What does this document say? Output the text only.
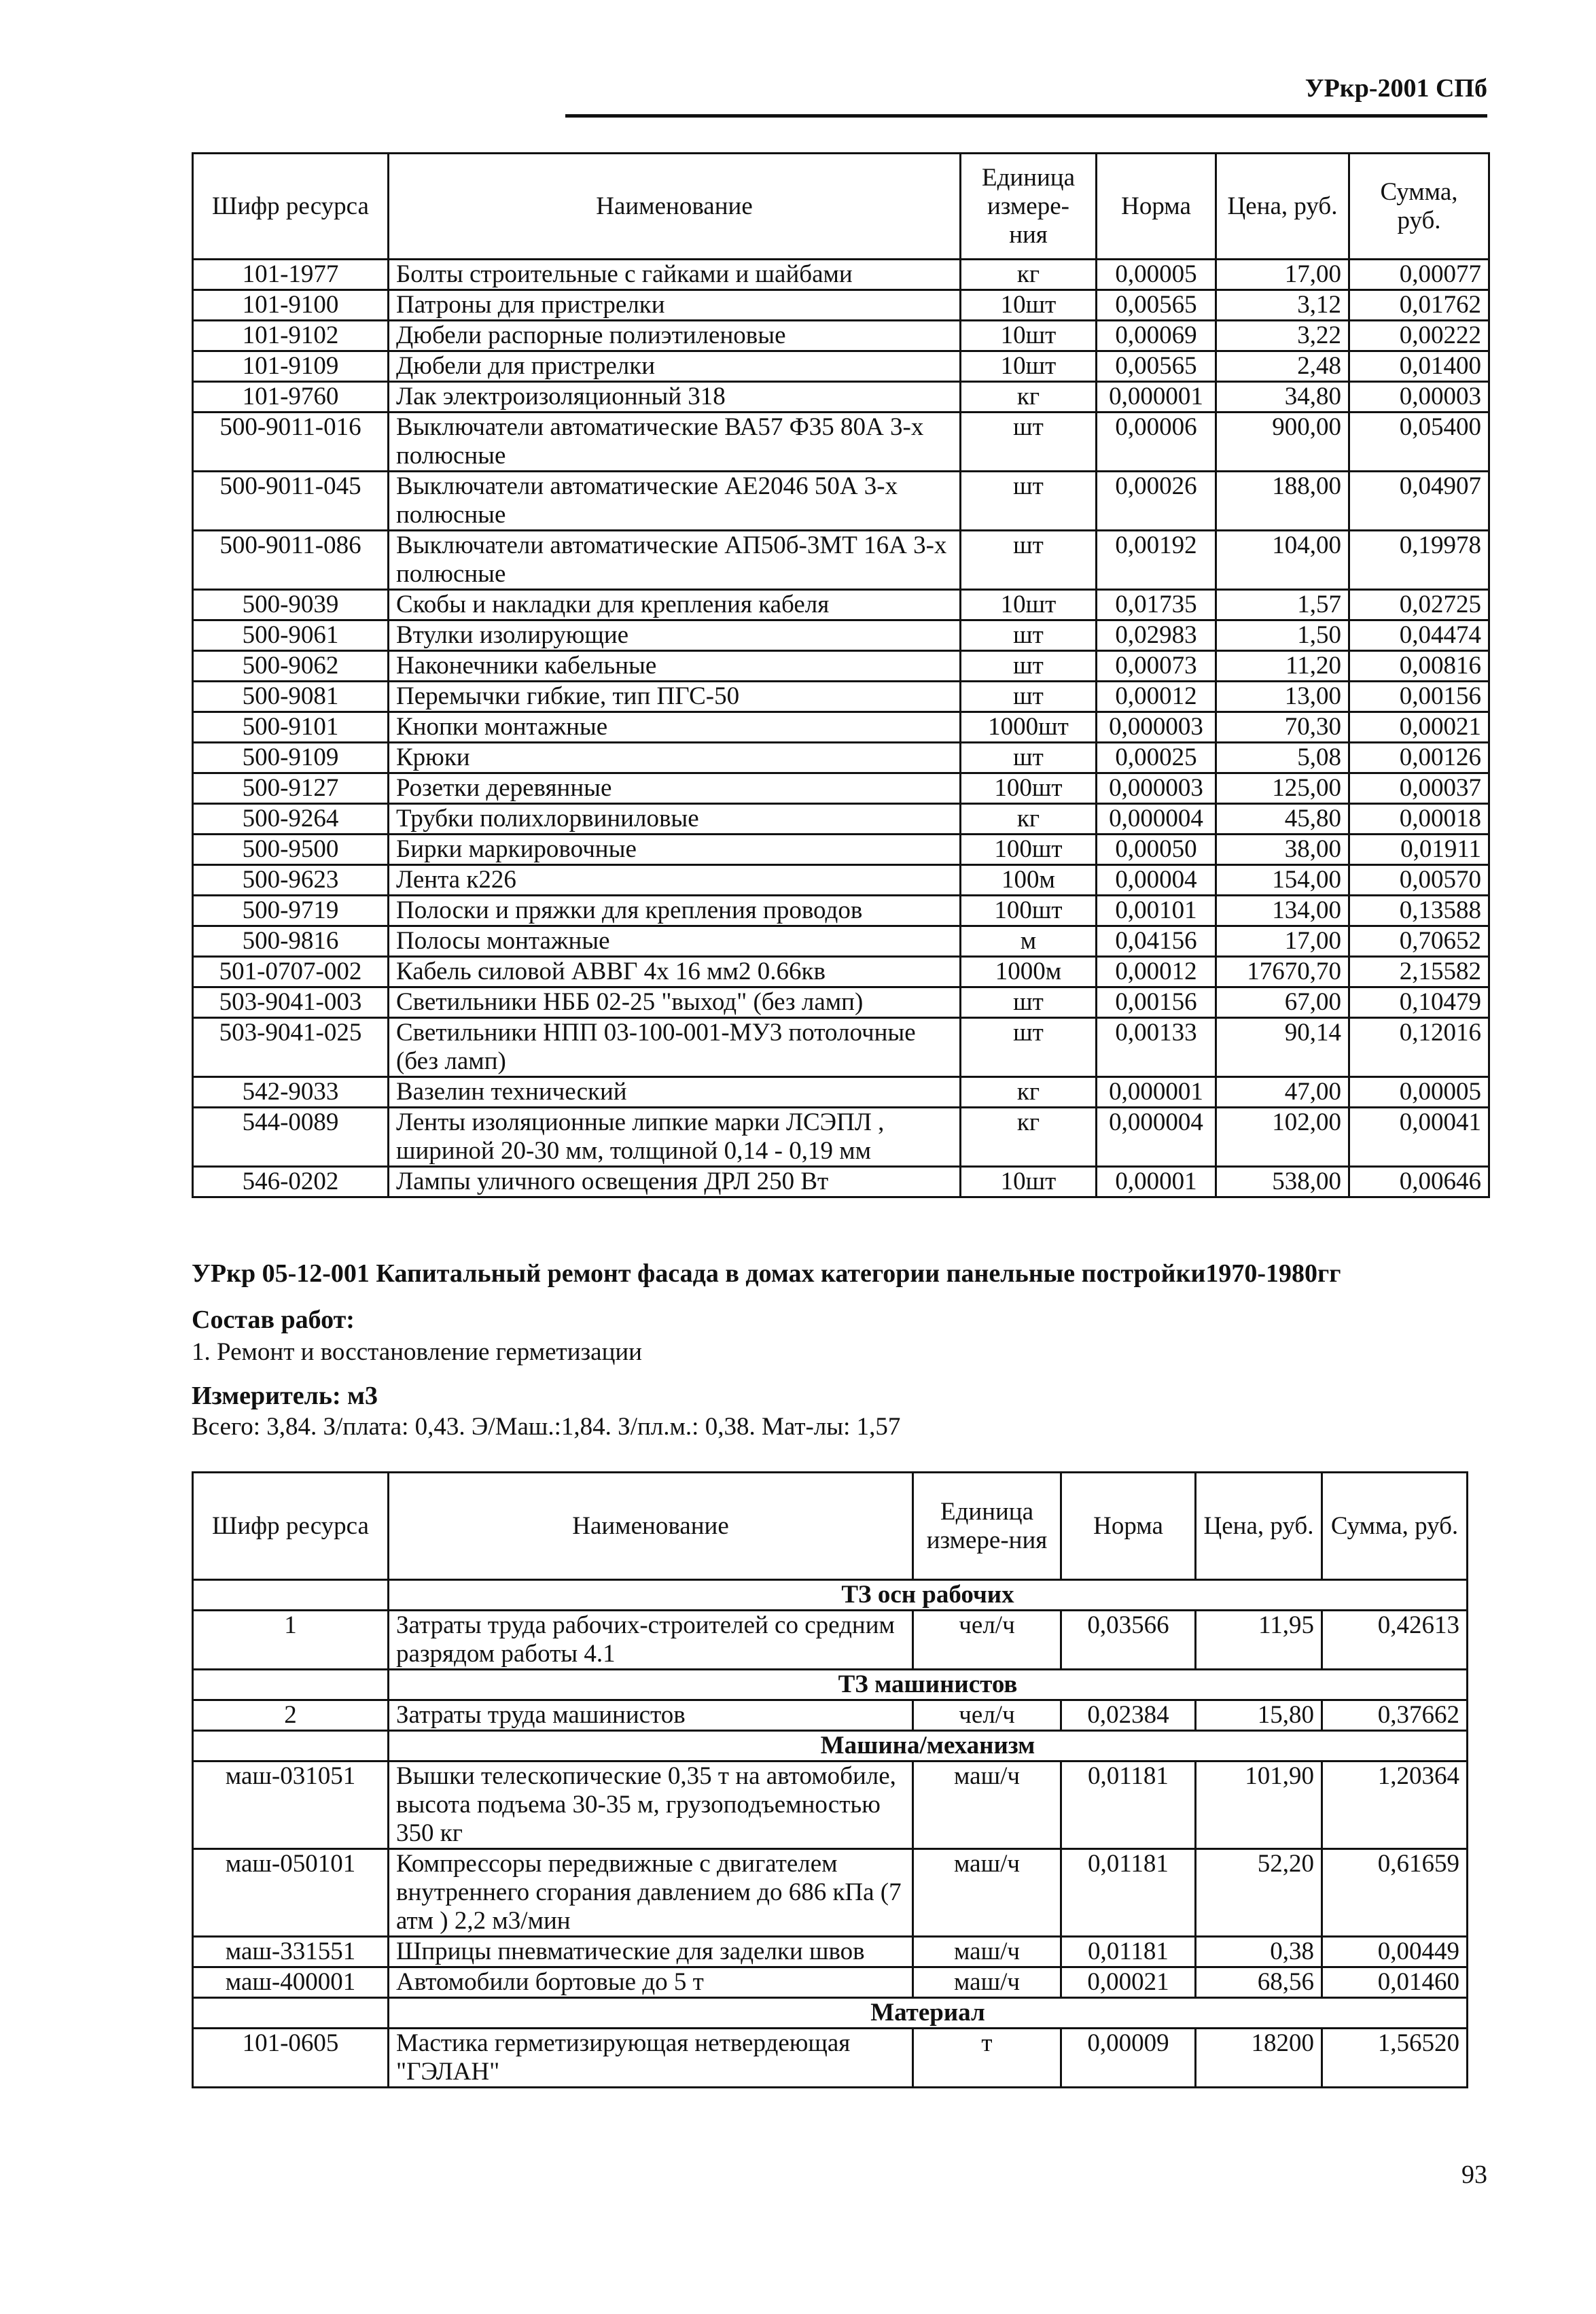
УРкр-2001 СПб
Шифр ресурса	Наименование	Единица измере-ния	Норма	Цена, руб.	Сумма, руб.
101-1977	Болты строительные с гайками и шайбами	кг	0,00005	17,00	0,00077
101-9100	Патроны для пристрелки	10шт	0,00565	3,12	0,01762
101-9102	Дюбели распорные полиэтиленовые	10шт	0,00069	3,22	0,00222
101-9109	Дюбели для пристрелки	10шт	0,00565	2,48	0,01400
101-9760	Лак электроизоляционный 318	кг	0,000001	34,80	0,00003
500-9011-016	Выключатели автоматические ВА57 Ф35 80А 3-х полюсные	шт	0,00006	900,00	0,05400
500-9011-045	Выключатели автоматические АЕ2046 50А 3-х полюсные	шт	0,00026	188,00	0,04907
500-9011-086	Выключатели автоматические АП50б-3МТ 16А 3-х полюсные	шт	0,00192	104,00	0,19978
500-9039	Скобы и накладки для крепления кабеля	10шт	0,01735	1,57	0,02725
500-9061	Втулки изолирующие	шт	0,02983	1,50	0,04474
500-9062	Наконечники кабельные	шт	0,00073	11,20	0,00816
500-9081	Перемычки гибкие, тип ПГС-50	шт	0,00012	13,00	0,00156
500-9101	Кнопки монтажные	1000шт	0,000003	70,30	0,00021
500-9109	Крюки	шт	0,00025	5,08	0,00126
500-9127	Розетки деревянные	100шт	0,000003	125,00	0,00037
500-9264	Трубки полихлорвиниловые	кг	0,000004	45,80	0,00018
500-9500	Бирки маркировочные	100шт	0,00050	38,00	0,01911
500-9623	Лента к226	100м	0,00004	154,00	0,00570
500-9719	Полоски и пряжки для крепления проводов	100шт	0,00101	134,00	0,13588
500-9816	Полосы монтажные	м	0,04156	17,00	0,70652
501-0707-002	Кабель силовой АВВГ 4х 16 мм2 0.66кв	1000м	0,00012	17670,70	2,15582
503-9041-003	Светильники НББ 02-25 "выход" (без ламп)	шт	0,00156	67,00	0,10479
503-9041-025	Светильники НПП 03-100-001-МУ3 потолочные (без ламп)	шт	0,00133	90,14	0,12016
542-9033	Вазелин технический	кг	0,000001	47,00	0,00005
544-0089	Ленты изоляционные липкие марки ЛСЭПЛ , шириной 20-30 мм, толщиной 0,14 - 0,19 мм	кг	0,000004	102,00	0,00041
546-0202	Лампы уличного освещения ДРЛ 250 Вт	10шт	0,00001	538,00	0,00646
УРкр 05-12-001 Капитальный ремонт фасада в домах категории панельные постройки1970-1980гг
Состав работ:
1. Ремонт и восстановление герметизации
Измеритель: м3
Всего: 3,84. З/плата: 0,43. Э/Маш.:1,84. З/пл.м.: 0,38. Мат-лы: 1,57
Шифр ресурса	Наименование	Единица измере-ния	Норма	Цена, руб.	Сумма, руб.
	ТЗ осн рабочих				
1	Затраты труда рабочих-строителей со средним разрядом работы 4.1	чел/ч	0,03566	11,95	0,42613
	ТЗ машинистов				
2	Затраты труда машинистов	чел/ч	0,02384	15,80	0,37662
	Машина/механизм				
маш-031051	Вышки телескопические 0,35 т на автомобиле, высота подъема 30-35 м, грузоподъемностью 350 кг	маш/ч	0,01181	101,90	1,20364
маш-050101	Компрессоры передвижные с двигателем внутреннего сгорания давлением до 686 кПа (7 атм ) 2,2 м3/мин	маш/ч	0,01181	52,20	0,61659
маш-331551	Шприцы пневматические для заделки швов	маш/ч	0,01181	0,38	0,00449
маш-400001	Автомобили бортовые до 5 т	маш/ч	0,00021	68,56	0,01460
	Материал				
101-0605	Мастика герметизирующая нетвердеющая "ГЭЛАН"	т	0,00009	18200	1,56520
93
